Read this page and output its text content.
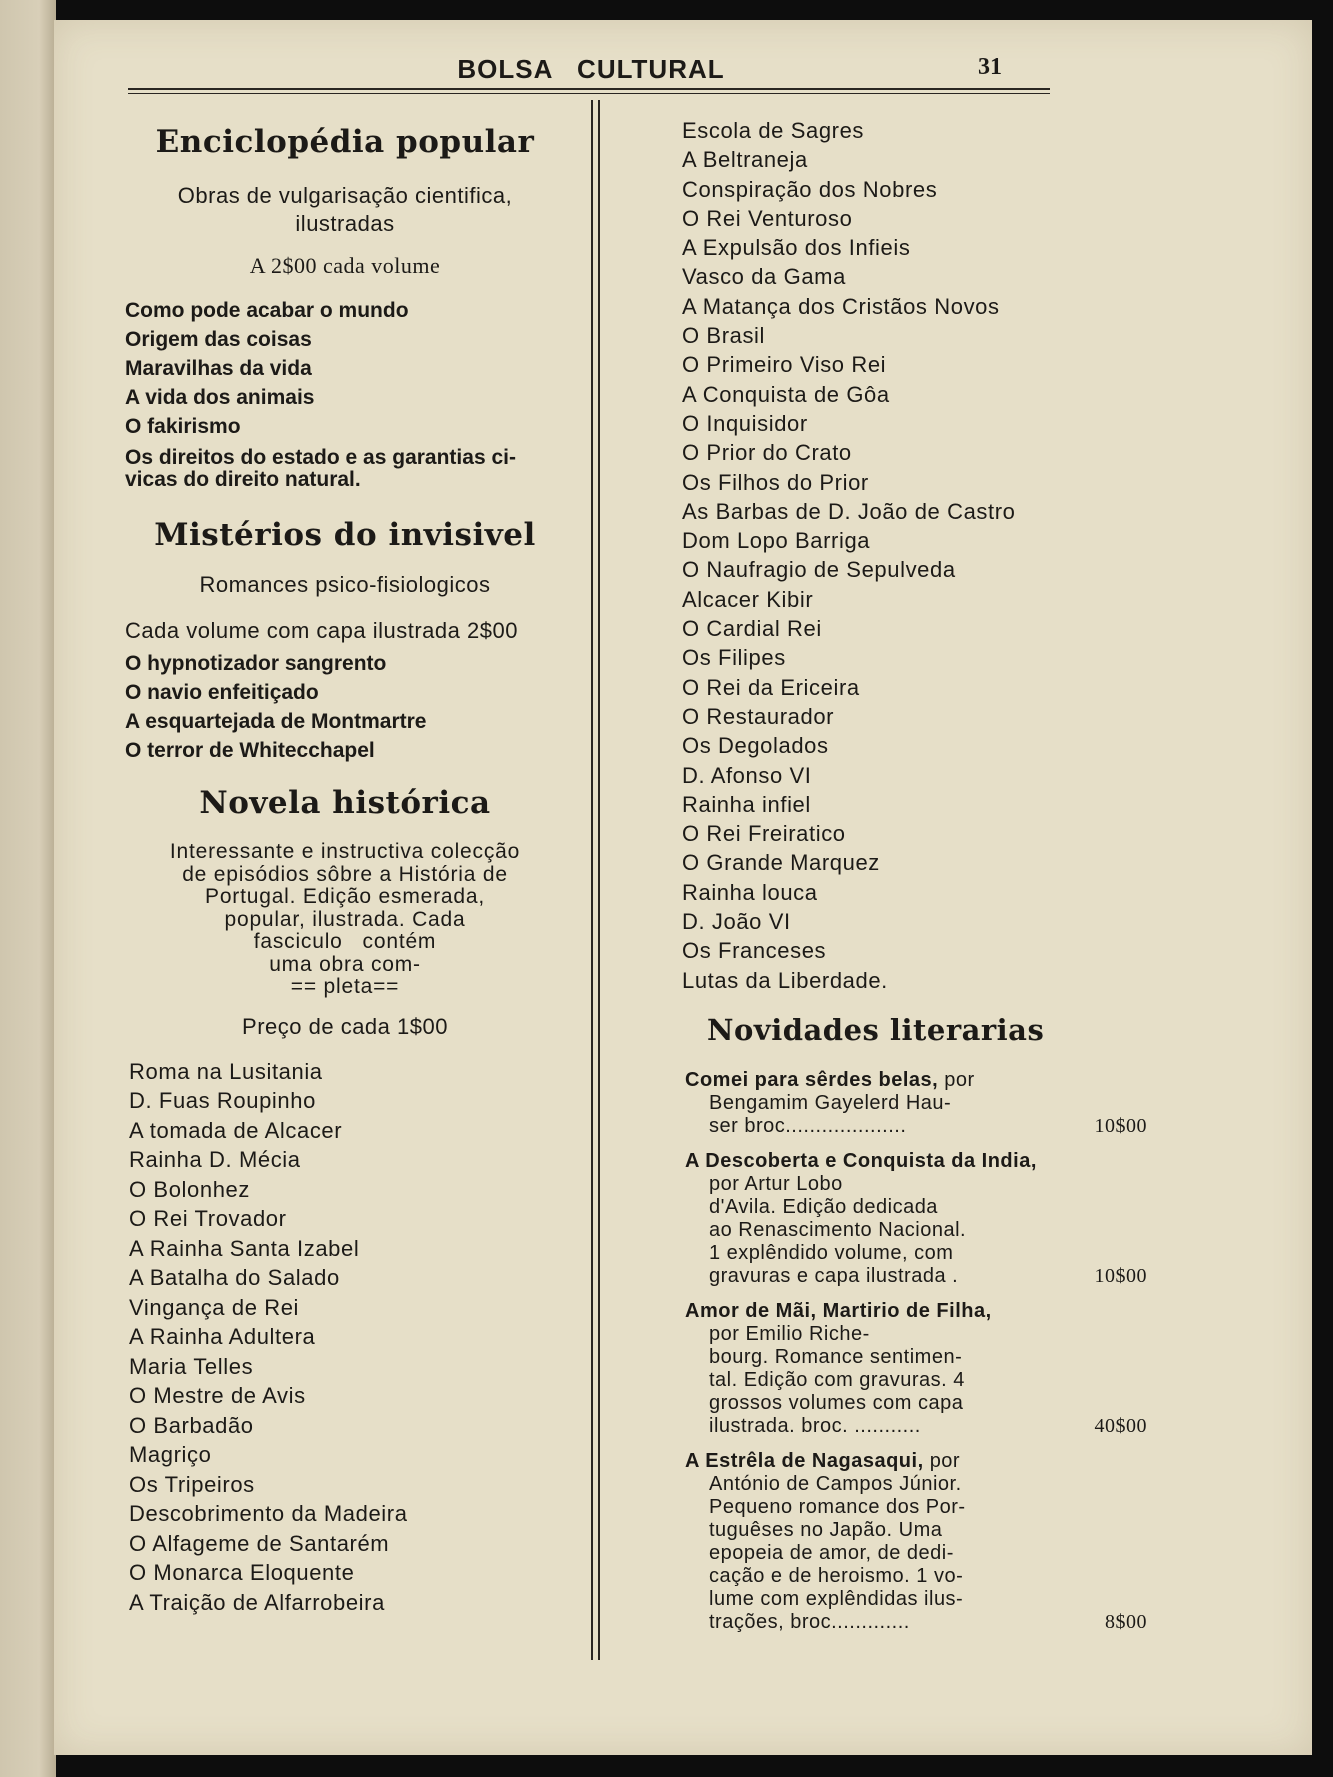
BOLSA   CULTURAL	31
Enciclopédia popular

Obras de vulgarisação cientifica,

ilustradas

A 2$00 cada volume

Como pode acabar o mundo
Origem das coisas
Maravilhas da vida
A vida dos animais
O fakirismo
Os direitos do estado e as garantias ci-
vicas do direito natural.
Mistérios do invisivel

Romances psico-fisiologicos

Cada volume com capa ilustrada 2$00

O hypnotizador sangrento
O navio enfeitiçado
A esquartejada de Montmartre
O terror de Whitecchapel
Novela histórica
Interessante e instructiva colecção
de episódios sôbre a História de
Portugal. Edição esmerada,
popular, ilustrada. Cada
fasciculo   contém
uma obra com-
== pleta==

Preço de cada 1$00

Roma na Lusitania
D. Fuas Roupinho
A tomada de Alcacer
Rainha D. Mécia
O Bolonhez
O Rei Trovador
A Rainha Santa Izabel
A Batalha do Salado
Vingança de Rei
A Rainha Adultera
Maria Telles
O Mestre de Avis
O Barbadão
Magriço
Os Tripeiros
Descobrimento da Madeira
O Alfageme de Santarém
O Monarca Eloquente
A Traição de Alfarrobeira
Escola de Sagres
A Beltraneja
Conspiração dos Nobres
O Rei Venturoso
A Expulsão dos Infieis
Vasco da Gama
A Matança dos Cristãos Novos
O Brasil
O Primeiro Viso Rei
A Conquista de Gôa
O Inquisidor
O Prior do Crato
Os Filhos do Prior
As Barbas de D. João de Castro
Dom Lopo Barriga
O Naufragio de Sepulveda
Alcacer Kibir
O Cardial Rei
Os Filipes
O Rei da Ericeira
O Restaurador
Os Degolados
D. Afonso VI
Rainha infiel
O Rei Freiratico
O Grande Marquez
Rainha louca
D. João VI
Os Franceses
Lutas da Liberdade.
Novidades literarias
Comei para sêrdes belas, por
Bengamim Gayelerd Hau-
ser broc....................	10$00
A Descoberta e Conquista da India,
por Artur Lobo
d'Avila. Edição dedicada
ao Renascimento Nacional.
1 explêndido volume, com
gravuras e capa ilustrada .	10$00
Amor de Mãi, Martirio de Filha,
por Emilio Riche-
bourg. Romance sentimen-
tal. Edição com gravuras. 4
grossos volumes com capa
ilustrada. broc. ...........	40$00
A Estrêla de Nagasaqui, por
António de Campos Júnior.
Pequeno romance dos Por-
tuguêses no Japão. Uma
epopeia de amor, de dedi-
cação e de heroismo. 1 vo-
lume com explêndidas ilus-
trações, broc.............	8$00
